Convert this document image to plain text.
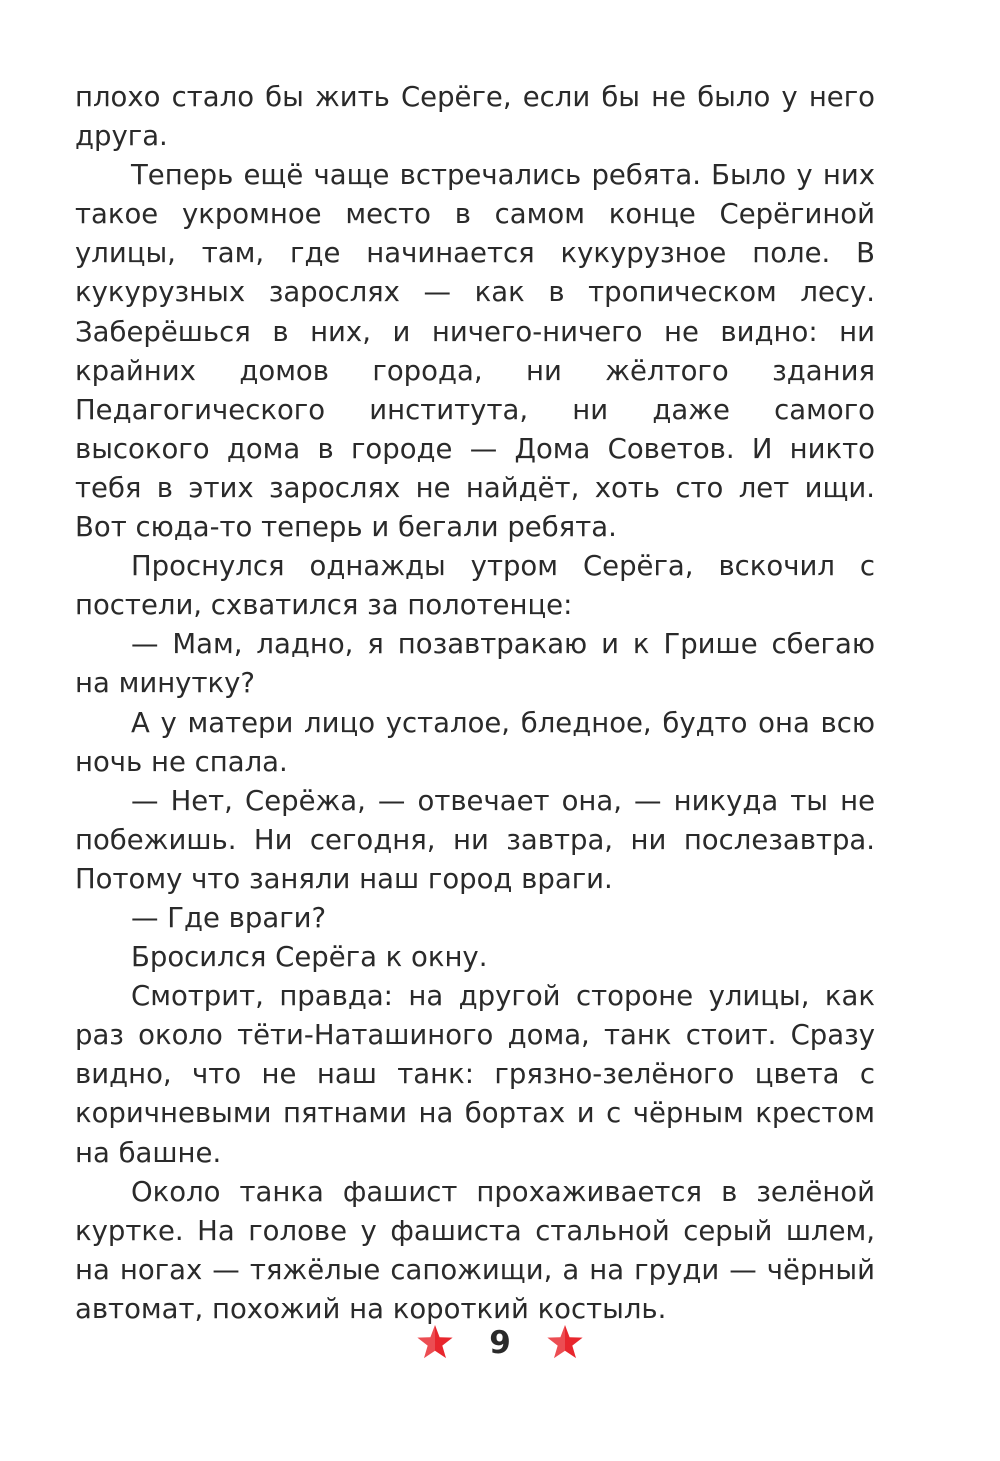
плохо стало бы жить Серёге, если бы не было у него друга.

Теперь ещё чаще встречались ребята. Было у них такое укромное место в самом конце Серёгиной улицы, там, где начинается кукурузное поле. В кукурузных зарослях — как в тропическом лесу. Заберёшься в них, и ничего-ничего не видно: ни крайних домов города, ни жёлтого здания Педагогического института, ни даже самого высокого дома в городе — Дома Советов. И никто тебя в этих зарослях не найдёт, хоть сто лет ищи. Вот сюда-то теперь и бегали ребята.

Проснулся однажды утром Серёга, вскочил с постели, схватился за полотенце:

— Мам, ладно, я позавтракаю и к Грише сбегаю на минутку?

А у матери лицо усталое, бледное, будто она всю ночь не спала.

— Нет, Серёжа, — отвечает она, — никуда ты не побежишь. Ни сегодня, ни завтра, ни послезавтра. Потому что заняли наш город враги.

— Где враги?

Бросился Серёга к окну.

Смотрит, правда: на другой стороне улицы, как раз около тёти-Наташиного дома, танк стоит. Сразу видно, что не наш танк: грязно-зелёного цвета с коричневыми пятнами на бортах и с чёрным крестом на башне.

Около танка фашист прохаживается в зелёной куртке. На голове у фашиста стальной серый шлем, на ногах — тяжёлые сапожищи, а на груди — чёрный автомат, похожий на короткий костыль.

9
